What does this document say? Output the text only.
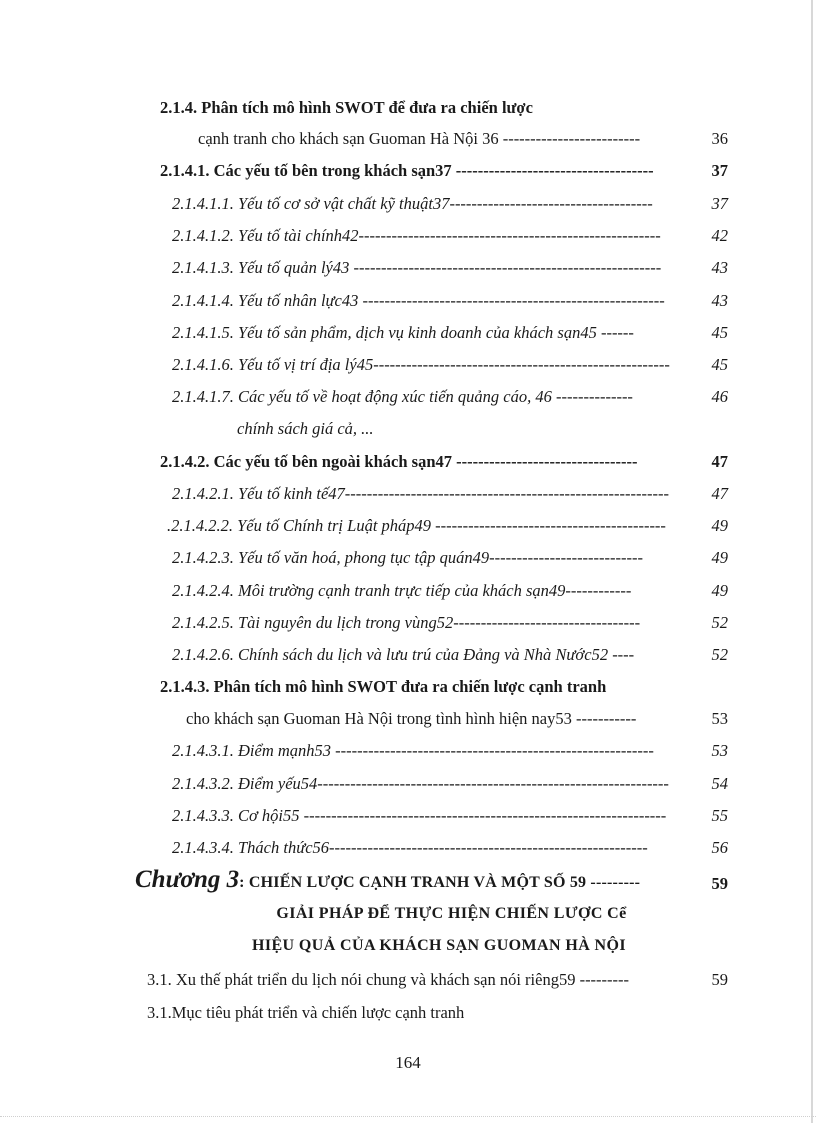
2.1.4. Phân tích mô hình SWOT để đưa ra chiến lược
cạnh tranh cho khách sạn Guoman Hà Nội 36 -------------------------	36
2.1.4.1. Các yếu tố bên trong khách sạn37 ------------------------------------	37
2.1.4.1.1. Yếu tố cơ sở vật chất kỹ thuật37-------------------------------------	37
2.1.4.1.2. Yếu tố tài chính42-------------------------------------------------------	42
2.1.4.1.3. Yếu tố quản lý43 --------------------------------------------------------	43
2.1.4.1.4. Yếu tố nhân lực43 -------------------------------------------------------	43
2.1.4.1.5. Yếu tố sản phẩm, dịch vụ kinh doanh của khách sạn45 ------	45
2.1.4.1.6. Yếu tố vị trí địa lý45------------------------------------------------------	45
2.1.4.1.7. Các yếu tố về hoạt động xúc tiến quảng cáo, 46 --------------	46
chính sách giá cả, ...
2.1.4.2. Các yếu tố bên ngoài khách sạn47 ---------------------------------	47
2.1.4.2.1. Yếu tố kinh tế47-----------------------------------------------------------	47
.2.1.4.2.2. Yếu tố Chính trị Luật pháp49 ------------------------------------------	49
2.1.4.2.3. Yếu tố văn hoá, phong tục tập quán49----------------------------	49
2.1.4.2.4. Môi trường cạnh tranh trực tiếp của khách sạn49------------	49
2.1.4.2.5. Tài nguyên du lịch trong vùng52----------------------------------	52
2.1.4.2.6. Chính sách du lịch và lưu trú của Đảng và Nhà Nước52 ----	52
2.1.4.3. Phân tích mô hình SWOT đưa ra chiến lược cạnh tranh
cho khách sạn Guoman Hà Nội trong tình hình hiện nay53 -----------	53
2.1.4.3.1. Điểm mạnh53 ----------------------------------------------------------	53
2.1.4.3.2. Điểm yếu54----------------------------------------------------------------	54
2.1.4.3.3. Cơ hội55 ------------------------------------------------------------------	55
2.1.4.3.4. Thách thức56----------------------------------------------------------	56
Chương 3: CHIẾN LƯỢC CẠNH TRANH VÀ MỘT SỐ 59 ---------	59
GIẢI PHÁP ĐỂ THỰC HIỆN CHIẾN LƯỢC Cể
HIỆU QUẢ CỦA KHÁCH SẠN GUOMAN HÀ NỘI
3.1. Xu thế phát triển du lịch nói chung và khách sạn nói riêng59 ---------	59
3.1.Mục tiêu phát triển và chiến lược cạnh tranh
164
